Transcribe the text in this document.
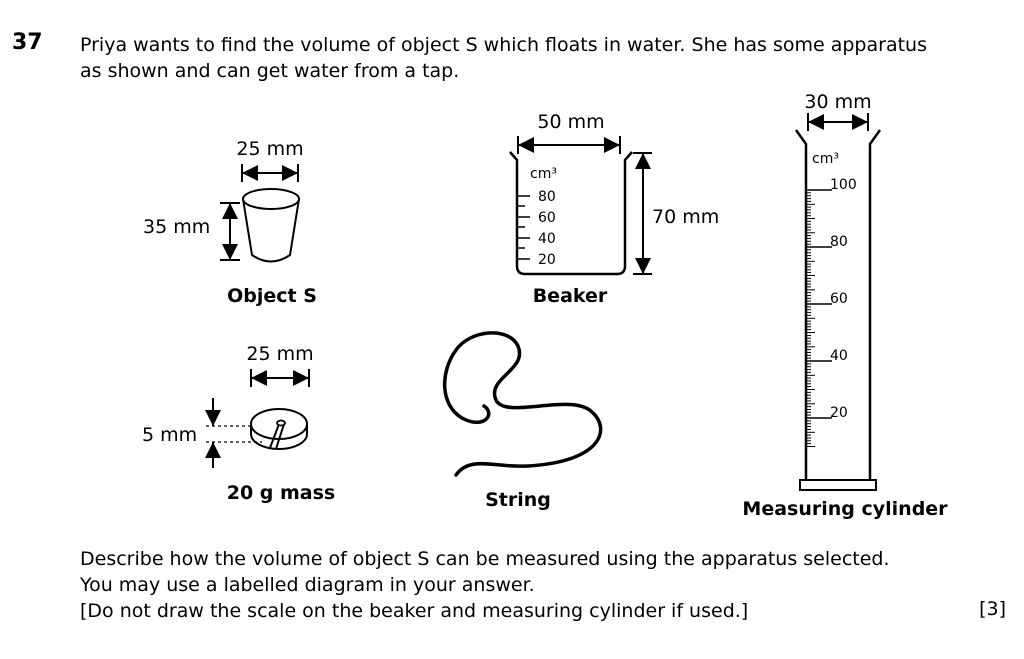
37 Priya wants to find the volume of object S which floats in water. She has some apparatus

as shown and can get water from a tap.

25 mm
35 mm
Object S
50 mm
cm³
80
60
40
20
70 mm
Beaker
30 mm
cm³
100
80
60
40
20
Measuring cylinder
25 mm
5 mm
20 g mass	String

Describe how the volume of object S can be measured using the apparatus selected.

You may use a labelled diagram in your answer.

[Do not draw the scale on the beaker and measuring cylinder if used.]	[3]
